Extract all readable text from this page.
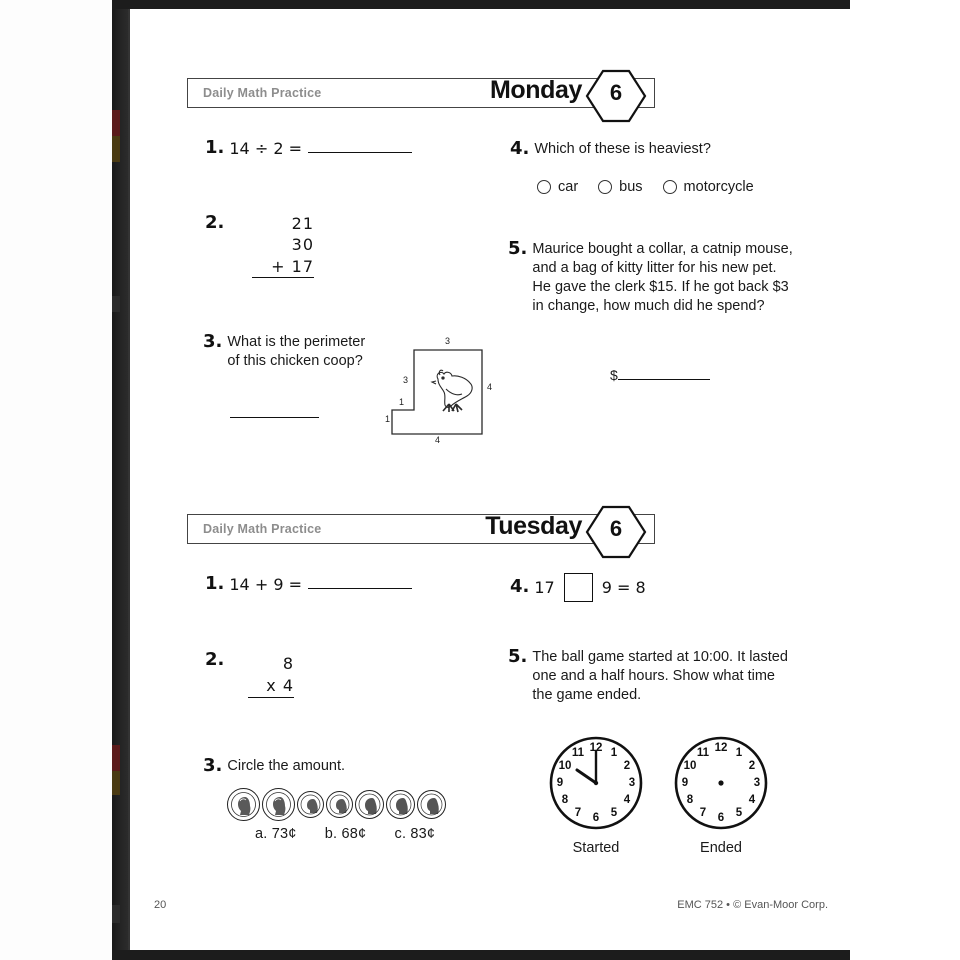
Daily Math Practice	Monday	6
1. 14 ÷ 2 =
2.	21
30
+ 17
3. What is the perimeter of this chicken coop?
3
3
4
1
1
4
4. Which of these is heaviest?
car	bus	motorcycle
5. Maurice bought a collar, a catnip mouse, and a bag of kitty litter for his new pet. He gave the clerk $15. If he got back $3 in change, how much did he spend?
$
Daily Math Practice	Tuesday	6
1. 14 + 9 =
2.	8
x 4
3. Circle the amount.
a. 73¢ b. 68¢ c. 83¢
4. 17	9 = 8
5. The ball game started at 10:00. It lasted one and a half hours. Show what time the game ended.
12 1
2
3
4
5
6
7
8
9
10
11
Started
12 1
2
3
4
5
6
7
8
9
10
11
Ended
20	EMC 752 • © Evan-Moor Corp.
